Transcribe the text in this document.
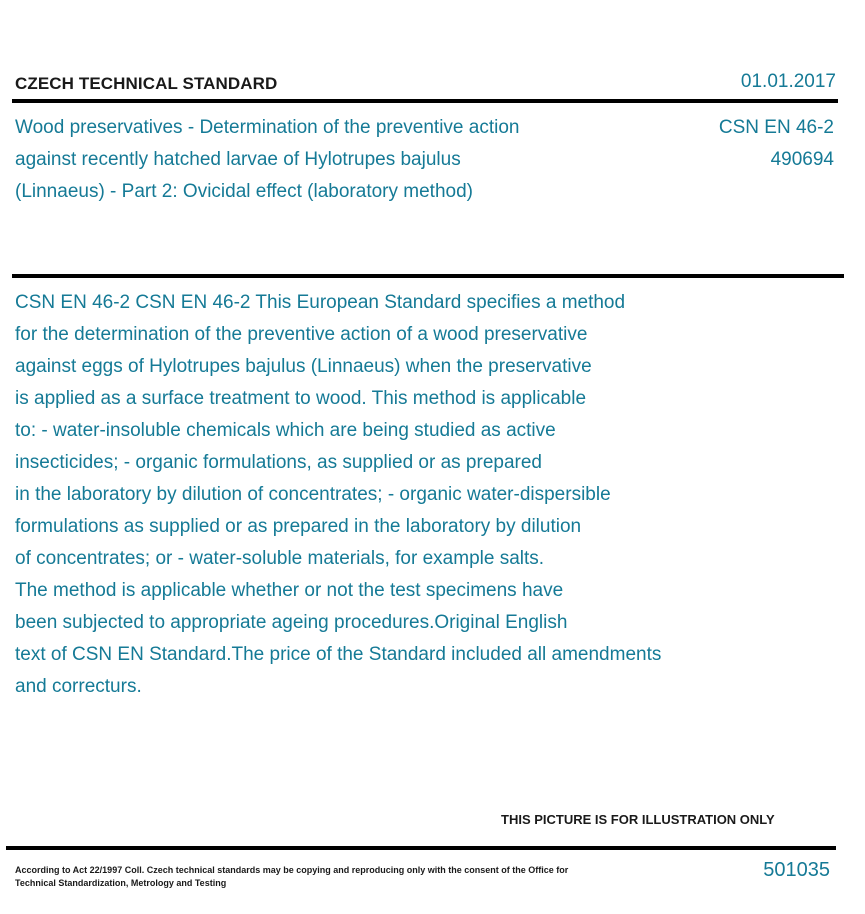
CZECH TECHNICAL STANDARD	01.01.2017
Wood preservatives - Determination of the preventive action against recently hatched larvae of Hylotrupes bajulus (Linnaeus) - Part 2: Ovicidal effect (laboratory method)
CSN EN 46-2
490694
CSN EN 46-2 CSN EN 46-2 This European Standard specifies a method
for the determination of the preventive action of a wood preservative
against eggs of Hylotrupes bajulus (Linnaeus) when the preservative
is applied as a surface treatment to wood. This method is applicable
to: - water-insoluble chemicals which are being studied as active
insecticides; - organic formulations, as supplied or as prepared
in the laboratory by dilution of concentrates; - organic water-dispersible
formulations as supplied or as prepared in the laboratory by dilution
of concentrates; or - water-soluble materials, for example salts.
The method is applicable whether or not the test specimens have
been subjected to appropriate ageing procedures.Original English
text of CSN EN Standard.The price of the Standard included all amendments
and correcturs.
THIS PICTURE IS FOR ILLUSTRATION ONLY
According to Act 22/1997 Coll. Czech technical standards may be copying and reproducing only with the consent of the Office for Technical Standardization, Metrology and Testing
501035
